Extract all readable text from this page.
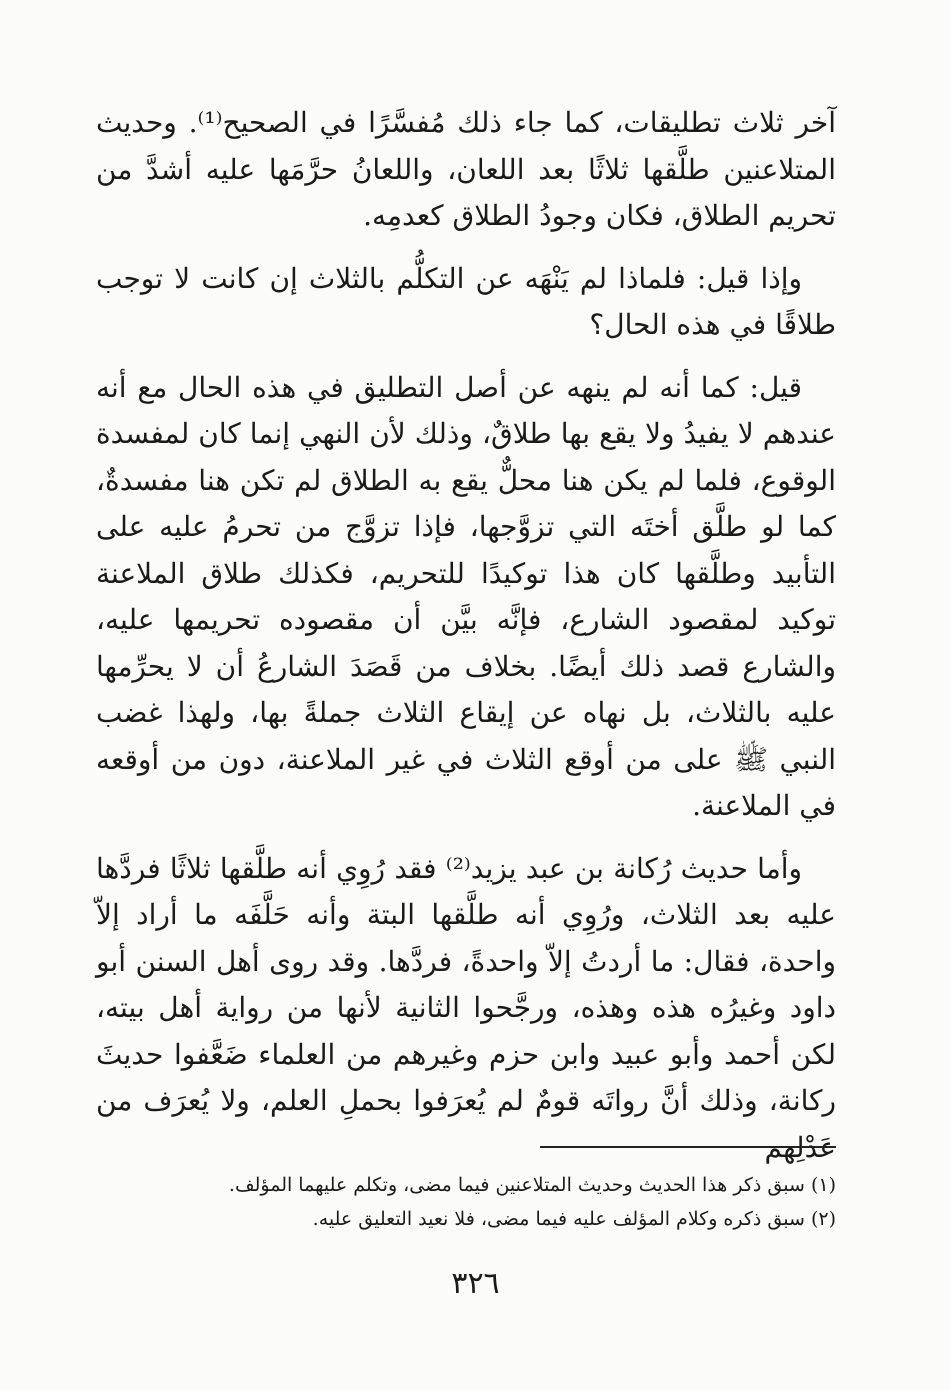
آخر ثلاث تطليقات، كما جاء ذلك مُفسَّرًا في الصحيح⁽¹⁾. وحديث المتلاعنين طلَّقها ثلاثًا بعد اللعان، واللعانُ حرَّمَها عليه أشدَّ من تحريم الطلاق، فكان وجودُ الطلاق كعدمِه.

وإذا قيل: فلماذا لم يَنْهَه عن التكلُّم بالثلاث إن كانت لا توجب طلاقًا في هذه الحال؟

قيل: كما أنه لم ينهه عن أصل التطليق في هذه الحال مع أنه عندهم لا يفيدُ ولا يقع بها طلاقٌ، وذلك لأن النهي إنما كان لمفسدة الوقوع، فلما لم يكن هنا محلٌّ يقع به الطلاق لم تكن هنا مفسدةٌ، كما لو طلَّق أختَه التي تزوَّجها، فإذا تزوَّج من تحرمُ عليه على التأبيد وطلَّقها كان هذا توكيدًا للتحريم، فكذلك طلاق الملاعنة توكيد لمقصود الشارع، فإنَّه بيَّن أن مقصوده تحريمها عليه، والشارع قصد ذلك أيضًا. بخلاف من قَصَدَ الشارعُ أن لا يحرِّمها عليه بالثلاث، بل نهاه عن إيقاع الثلاث جملةً بها، ولهذا غضب النبي ﷺ على من أوقع الثلاث في غير الملاعنة، دون من أوقعه في الملاعنة.

وأما حديث رُكانة بن عبد يزيد⁽²⁾ فقد رُوِي أنه طلَّقها ثلاثًا فردَّها عليه بعد الثلاث، ورُوِي أنه طلَّقها البتة وأنه حَلَّفَه ما أراد إلاّ واحدة، فقال: ما أردتُ إلاّ واحدةً، فردَّها. وقد روى أهل السنن أبو داود وغيرُه هذه وهذه، ورجَّحوا الثانية لأنها من رواية أهل بيته، لكن أحمد وأبو عبيد وابن حزم وغيرهم من العلماء ضَعَّفوا حديثَ ركانة، وذلك أنَّ رواتَه قومٌ لم يُعرَفوا بحملِ العلم، ولا يُعرَف من عَدْلِهم

(١) سبق ذكر هذا الحديث وحديث المتلاعنين فيما مضى، وتكلم عليهما المؤلف.
(٢) سبق ذكره وكلام المؤلف عليه فيما مضى، فلا نعيد التعليق عليه.
٣٢٦
